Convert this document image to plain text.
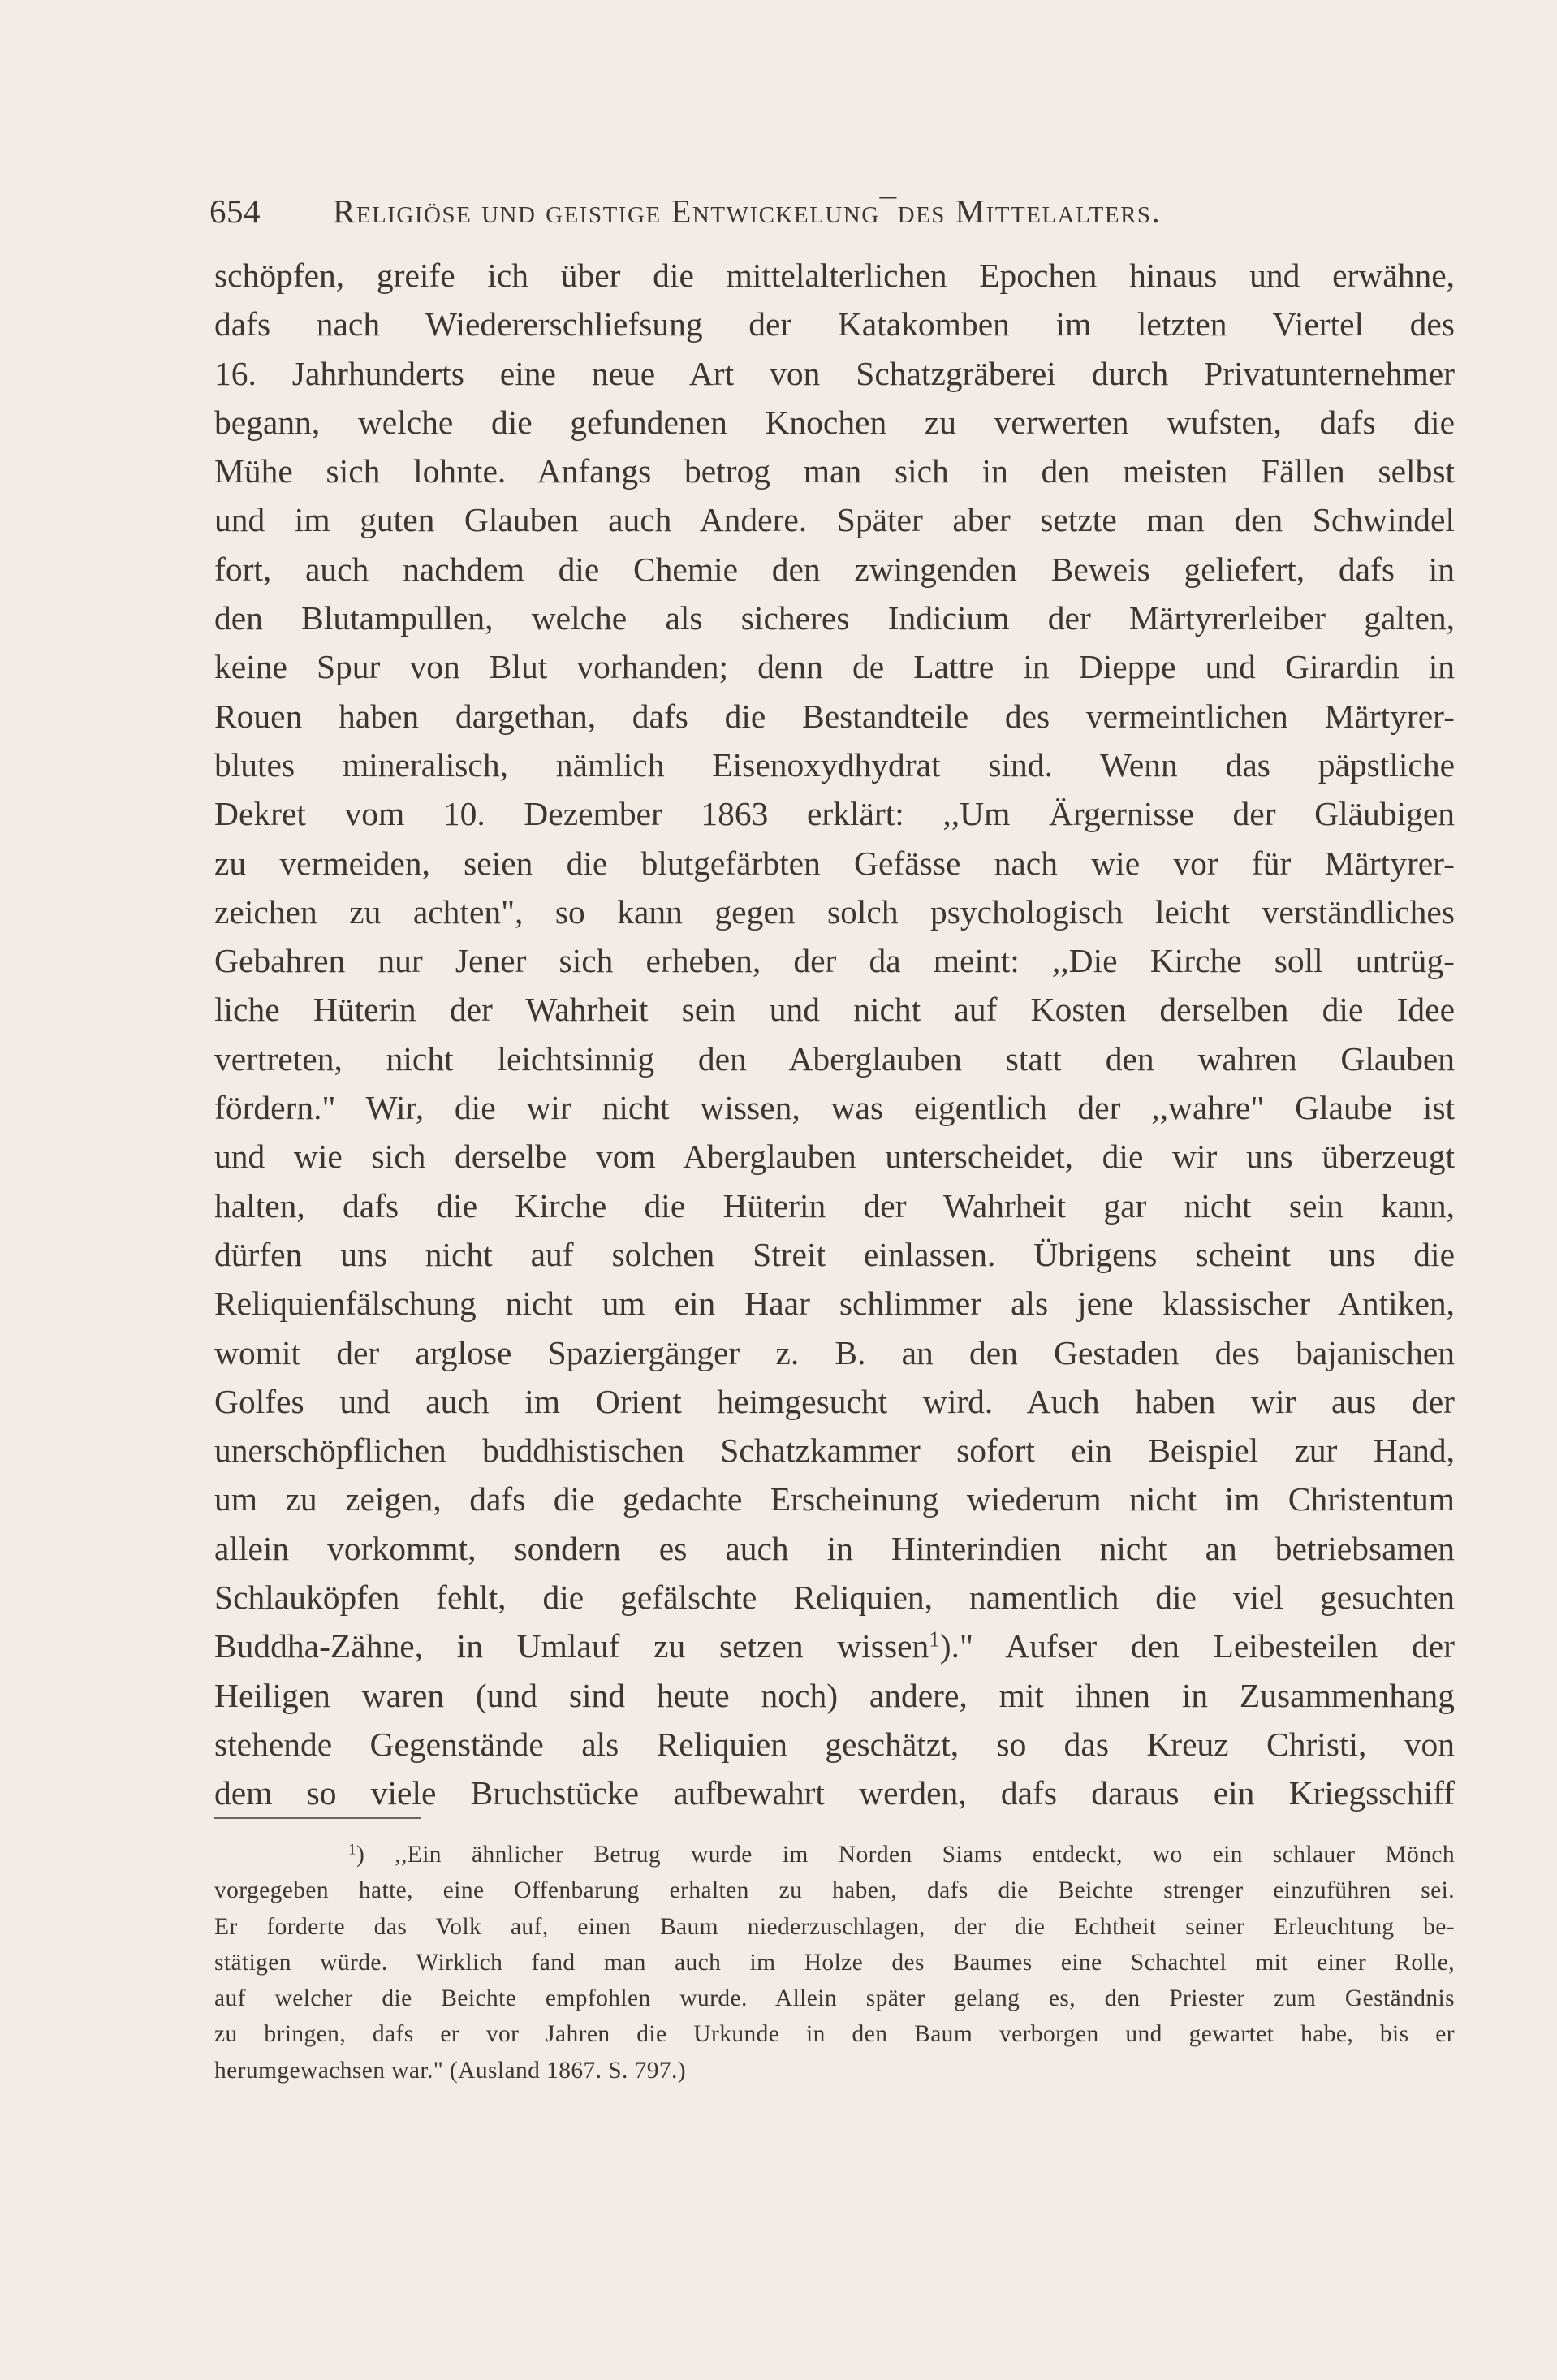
654 Religiöse und geistige Entwickelung¯des Mittelalters.
schöpfen, greife ich über die mittelalterlichen Epochen hinaus und erwähne,
dafs nach Wiedererschliefsung der Katakomben im letzten Viertel des
16. Jahrhunderts eine neue Art von Schatzgräberei durch Privatunternehmer
begann, welche die gefundenen Knochen zu verwerten wufsten, dafs die
Mühe sich lohnte. Anfangs betrog man sich in den meisten Fällen selbst
und im guten Glauben auch Andere. Später aber setzte man den Schwindel
fort, auch nachdem die Chemie den zwingenden Beweis geliefert, dafs in
den Blutampullen, welche als sicheres Indicium der Märtyrerleiber galten,
keine Spur von Blut vorhanden; denn de Lattre in Dieppe und Girardin in
Rouen haben dargethan, dafs die Bestandteile des vermeintlichen Märtyrer-
blutes mineralisch, nämlich Eisenoxydhydrat sind. Wenn das päpstliche
Dekret vom 10. Dezember 1863 erklärt: ,,Um Ärgernisse der Gläubigen
zu vermeiden, seien die blutgefärbten Gefässe nach wie vor für Märtyrer-
zeichen zu achten", so kann gegen solch psychologisch leicht verständliches
Gebahren nur Jener sich erheben, der da meint: ,,Die Kirche soll untrüg-
liche Hüterin der Wahrheit sein und nicht auf Kosten derselben die Idee
vertreten, nicht leichtsinnig den Aberglauben statt den wahren Glauben
fördern." Wir, die wir nicht wissen, was eigentlich der ,,wahre" Glaube ist
und wie sich derselbe vom Aberglauben unterscheidet, die wir uns überzeugt
halten, dafs die Kirche die Hüterin der Wahrheit gar nicht sein kann,
dürfen uns nicht auf solchen Streit einlassen. Übrigens scheint uns die
Reliquienfälschung nicht um ein Haar schlimmer als jene klassischer Antiken,
womit der arglose Spaziergänger z. B. an den Gestaden des bajanischen
Golfes und auch im Orient heimgesucht wird. Auch haben wir aus der
unerschöpflichen buddhistischen Schatzkammer sofort ein Beispiel zur Hand,
um zu zeigen, dafs die gedachte Erscheinung wiederum nicht im Christentum
allein vorkommt, sondern es auch in Hinterindien nicht an betriebsamen
Schlauköpfen fehlt, die gefälschte Reliquien, namentlich die viel gesuchten
Buddha-Zähne, in Umlauf zu setzen wissen$^1$)." Aufser den Leibesteilen der
Heiligen waren (und sind heute noch) andere, mit ihnen in Zusammenhang
stehende Gegenstände als Reliquien geschätzt, so das Kreuz Christi, von
dem so viele Bruchstücke aufbewahrt werden, dafs daraus ein Kriegsschiff
$^1$) ,,Ein ähnlicher Betrug wurde im Norden Siams entdeckt, wo ein schlauer Mönch
vorgegeben hatte, eine Offenbarung erhalten zu haben, dafs die Beichte strenger einzuführen sei.
Er forderte das Volk auf, einen Baum niederzuschlagen, der die Echtheit seiner Erleuchtung be-
stätigen würde. Wirklich fand man auch im Holze des Baumes eine Schachtel mit einer Rolle,
auf welcher die Beichte empfohlen wurde. Allein später gelang es, den Priester zum Geständnis
zu bringen, dafs er vor Jahren die Urkunde in den Baum verborgen und gewartet habe, bis er
herumgewachsen war." (Ausland 1867. S. 797.)
